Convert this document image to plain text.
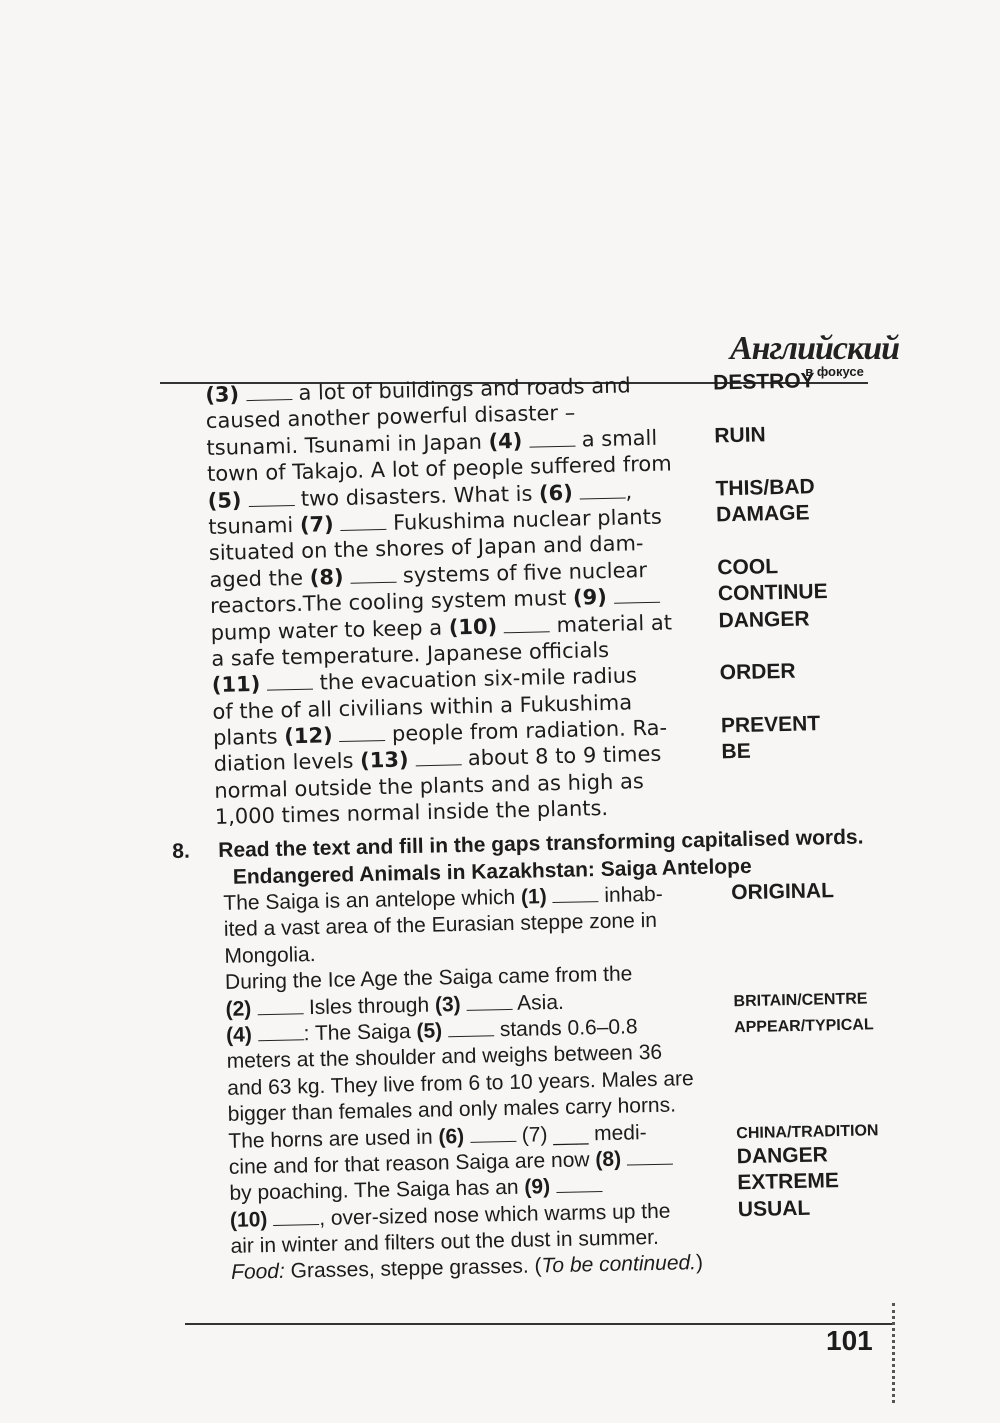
Английский
в фокусе
(3)  a lot of buildings and roads and	DESTROY
caused another powerful disaster –
tsunami. Tsunami in Japan (4)  a small	RUIN
town of Takajo. A lot of people suffered from
(5)  two disasters. What is (6) ,	THIS/BAD
tsunami (7)  Fukushima nuclear plants	DAMAGE
situated on the shores of Japan and dam-
aged the (8)  systems of five nuclear	COOL
reactors.The cooling system must (9)	CONTINUE
pump water to keep a (10)  material at DANGER
a safe temperature. Japanese officials
(11)  the evacuation six-mile radius	ORDER
of the of all civilians within a Fukushima
plants (12)  people from radiation. Ra-	PREVENT
diation levels (13)  about 8 to 9 times	BE
normal outside the plants and as high as
1,000 times normal inside the plants.
8. Read the text and fill in the gaps transforming capitalised words.
Endangered Animals in Kazakhstan: Saiga Antelope
The Saiga is an antelope which (1)  inhab-	ORIGINAL
ited a vast area of the Eurasian steppe zone in
Mongolia.
During the Ice Age the Saiga came from the
(2)  Isles through (3)  Asia.	BRITAIN/CENTRE
(4) : The Saiga (5)  stands 0.6–0.8	APPEAR/TYPICAL
meters at the shoulder and weighs between 36
and 63 kg. They live from 6 to 10 years. Males are
bigger than females and only males carry horns.
The horns are used in (6)  (7) ___ medi-	CHINA/TRADITION
cine and for that reason Saiga are now (8)	DANGER
by poaching. The Saiga has an (9)	EXTREME
(10) , over-sized nose which warms up the	USUAL
air in winter and filters out the dust in summer.
Food: Grasses, steppe grasses. (To be continued.)
101
